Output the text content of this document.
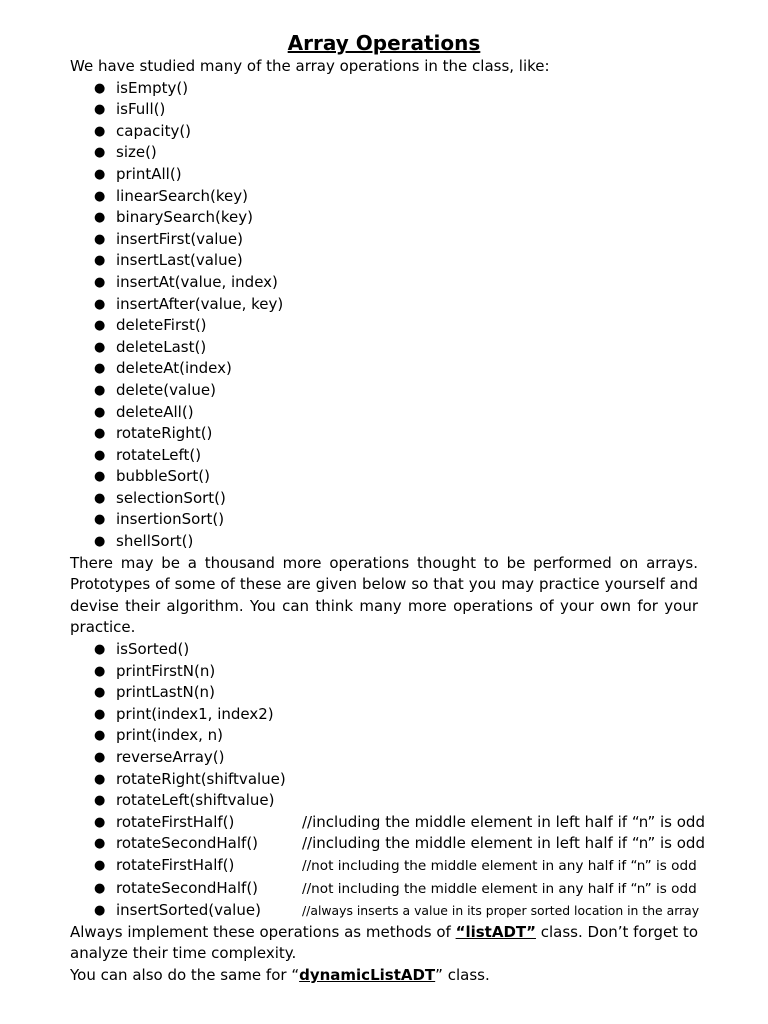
Array Operations

We have studied many of the array operations in the class, like:

● isEmpty()
● isFull()
● capacity()
● size()
● printAll()
● linearSearch(key)
● binarySearch(key)
● insertFirst(value)
● insertLast(value)
● insertAt(value, index)
● insertAfter(value, key)
● deleteFirst()
● deleteLast()
● deleteAt(index)
● delete(value)
● deleteAll()
● rotateRight()
● rotateLeft()
● bubbleSort()
● selectionSort()
● insertionSort()
● shellSort()

There may be a thousand more operations thought to be performed on arrays. Prototypes of some of these are given below so that you may practice yourself and devise their algorithm. You can think many more operations of your own for your practice.

● isSorted()
● printFirstN(n)
● printLastN(n)
● print(index1, index2)
● print(index, n)
● reverseArray()
● rotateRight(shiftvalue)
● rotateLeft(shiftvalue)
● rotateFirstHalf()	//including the middle element in left half if “n” is odd
● rotateSecondHalf()	//including the middle element in left half if “n” is odd
● rotateFirstHalf()	//not including the middle element in any half if “n” is odd
● rotateSecondHalf()	//not including the middle element in any half if “n” is odd
● insertSorted(value)	//always inserts a value in its proper sorted location in the array

Always implement these operations as methods of “listADT” class. Don’t forget to analyze their time complexity.

You can also do the same for “dynamicListADT” class.
